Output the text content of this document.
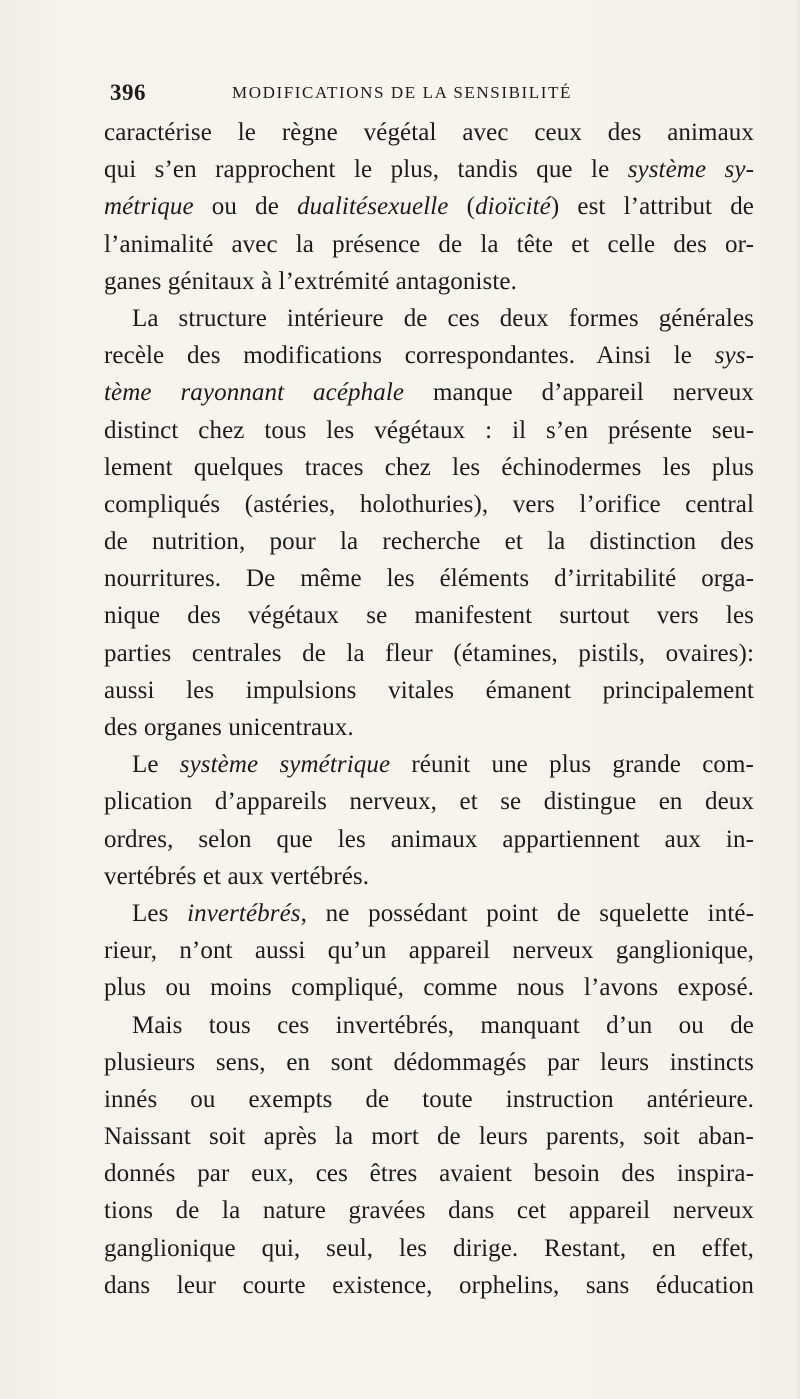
396	MODIFICATIONS DE LA SENSIBILITÉ
caractérise le règne végétal avec ceux des animaux
qui s’en rapprochent le plus, tandis que le système sy-
métrique ou de dualitésexuelle (dioïcité) est l’attribut de
l’animalité avec la présence de la tête et celle des or-
ganes génitaux à l’extrémité antagoniste.
La structure intérieure de ces deux formes générales
recèle des modifications correspondantes. Ainsi le sys-
tème rayonnant acéphale manque d’appareil nerveux
distinct chez tous les végétaux : il s’en présente seu-
lement quelques traces chez les échinodermes les plus
compliqués (astéries, holothuries), vers l’orifice central
de nutrition, pour la recherche et la distinction des
nourritures. De même les éléments d’irritabilité orga-
nique des végétaux se manifestent surtout vers les
parties centrales de la fleur (étamines, pistils, ovaires):
aussi les impulsions vitales émanent principalement
des organes unicentraux.
Le système symétrique réunit une plus grande com-
plication d’appareils nerveux, et se distingue en deux
ordres, selon que les animaux appartiennent aux in-
vertébrés et aux vertébrés.
Les invertébrés, ne possédant point de squelette inté-
rieur, n’ont aussi qu’un appareil nerveux ganglionique,
plus ou moins compliqué, comme nous l’avons exposé.
Mais tous ces invertébrés, manquant d’un ou de
plusieurs sens, en sont dédommagés par leurs instincts
innés ou exempts de toute instruction antérieure.
Naissant soit après la mort de leurs parents, soit aban-
donnés par eux, ces êtres avaient besoin des inspira-
tions de la nature gravées dans cet appareil nerveux
ganglionique qui, seul, les dirige. Restant, en effet,
dans leur courte existence, orphelins, sans éducation
